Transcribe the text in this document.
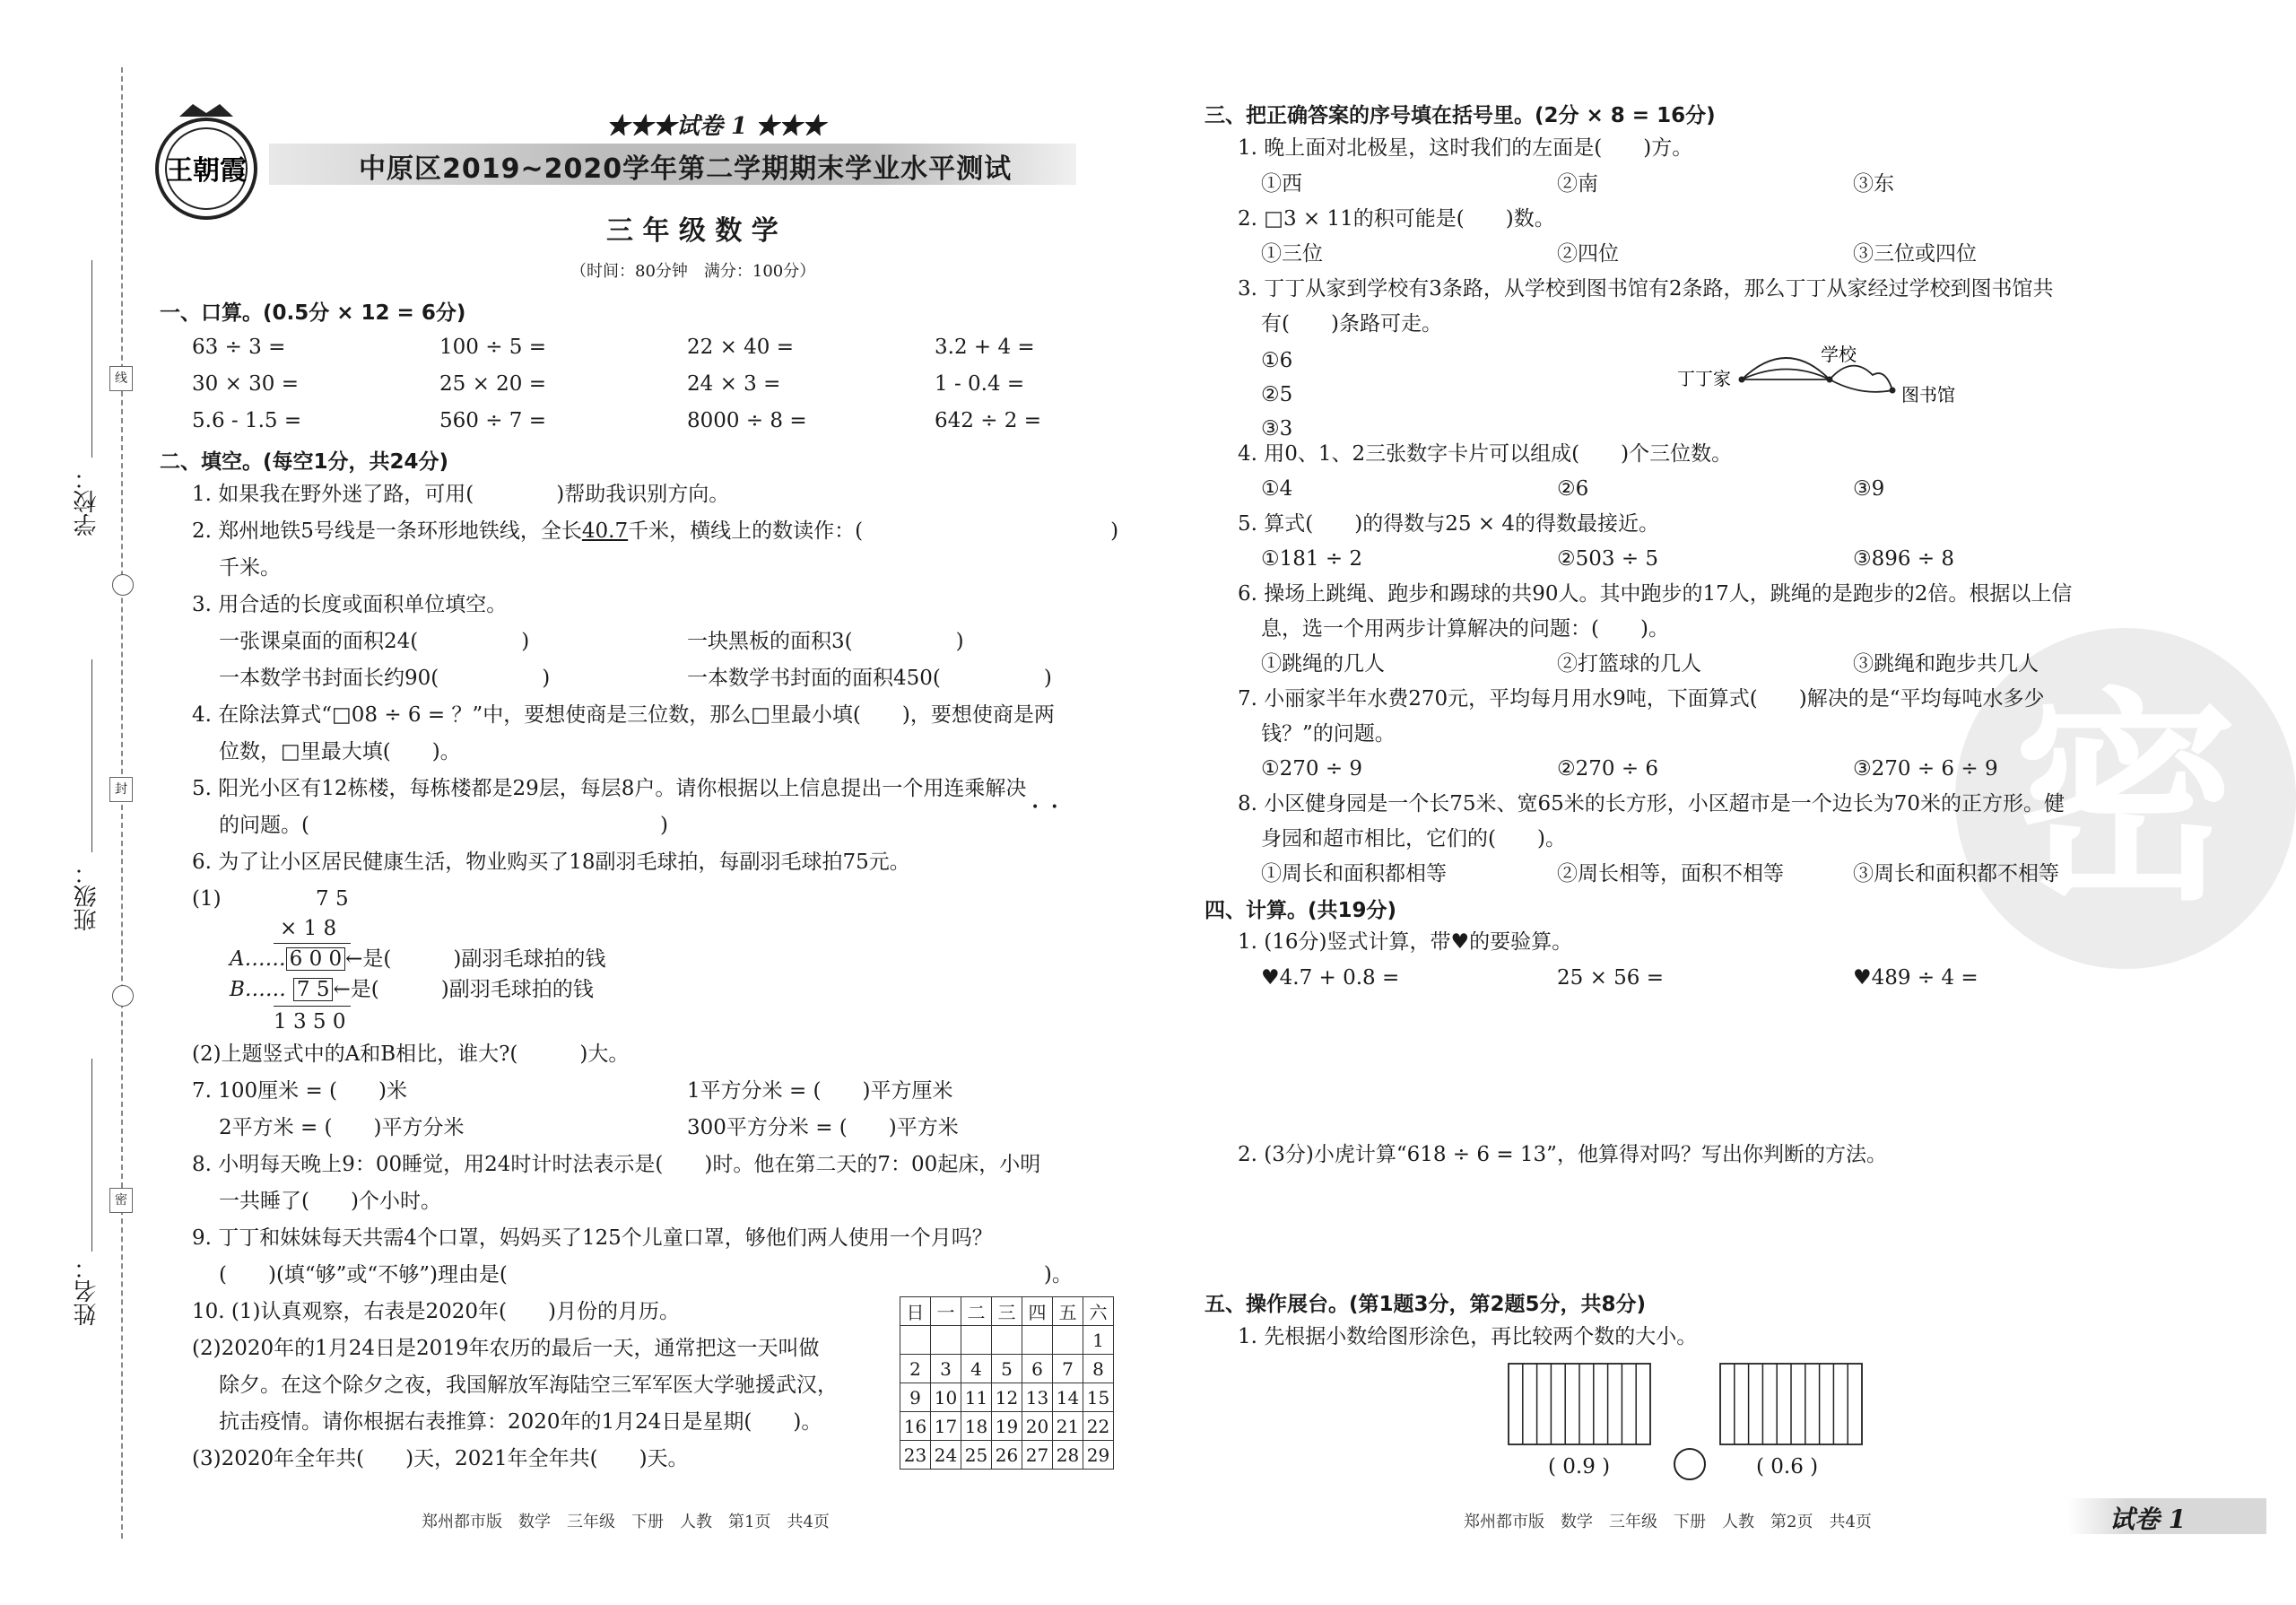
线
封
密
学校：
班级：
姓名：
王朝霞
★★★试卷 1 ★★★
中原区2019~2020学年第二学期期末学业水平测试
三 年 级 数 学
（时间：80分钟　满分：100分）
一、口算。(0.5分 × 12 = 6分)
63 ÷ 3 =	100 ÷ 5 =	22 × 40 =	3.2 + 4 =
30 × 30 =	25 × 20 =	24 × 3 =	1 - 0.4 =
5.6 - 1.5 =	560 ÷ 7 =	8000 ÷ 8 =	642 ÷ 2 =
二、填空。(每空1分，共24分)
1. 如果我在野外迷了路，可用(　　　　)帮助我识别方向。
2. 郑州地铁5号线是一条环形地铁线，全长40.7千米，横线上的数读作：(　　　　　　　　　　　　)
千米。
3. 用合适的长度或面积单位填空。
一张课桌面的面积24(　　　　　)	一块黑板的面积3(　　　　　)
一本数学书封面长约90(　　　　　)	一本数学书封面的面积450(　　　　　)
4. 在除法算式“□08 ÷ 6 = ？”中，要想使商是三位数，那么□里最小填(　　)，要想使商是两
位数，□里最大填(　　)。
5. 阳光小区有12栋楼，每栋楼都是29层，每层8户。请你根据以上信息提出一个用连乘解决
•   •
的问题。(　　　　　　　　　　　　　　　　　)
6. 为了让小区居民健康生活，物业购买了18副羽毛球拍，每副羽毛球拍75元。
(1)	7 5
× 1 8
A…… 6 0 0 ←是(　　　)副羽毛球拍的钱
B…… 7 5 ←是(　　　)副羽毛球拍的钱
1 3 5 0
(2)上题竖式中的A和B相比，谁大?(　　　)大。
7. 100厘米 = (　　)米	1平方分米 = (　　)平方厘米
2平方米 = (　　)平方分米	300平方分米 = (　　)平方米
8. 小明每天晚上9：00睡觉，用24时计时法表示是(　　)时。他在第二天的7：00起床，小明
一共睡了(　　)个小时。
9. 丁丁和妹妹每天共需4个口罩，妈妈买了125个儿童口罩，够他们两人使用一个月吗？
(　　)(填“够”或“不够”)理由是(　　　　　　　　　　　　　　　　　　　　　　　　　　)。
10. (1)认真观察，右表是2020年(　　)月份的月历。
(2)2020年的1月24日是2019年农历的最后一天，通常把这一天叫做
除夕。在这个除夕之夜，我国解放军海陆空三军军医大学驰援武汉，
抗击疫情。请你根据右表推算：2020年的1月24日是星期(　　)。
(3)2020年全年共(　　)天，2021年全年共(　　)天。
日	一	二	三	四	五	六
						1
2	3	4	5	6	7	8
9	10	11	12	13	14	15
16	17	18	19	20	21	22
23	24	25	26	27	28	29
郑州都市版　数学　三年级　下册　人教　第1页　共4页
密
三、把正确答案的序号填在括号里。(2分 × 8 = 16分)
1. 晚上面对北极星，这时我们的左面是(　　)方。
①西	②南	③东
2. □3 × 11的积可能是(　　)数。
①三位	②四位	③三位或四位
3. 丁丁从家到学校有3条路，从学校到图书馆有2条路，那么丁丁从家经过学校到图书馆共
有(　　)条路可走。
①6
②5
③3
丁丁家
学校
图书馆
4. 用0、1、2三张数字卡片可以组成(　　)个三位数。
①4	②6	③9
5. 算式(　　)的得数与25 × 4的得数最接近。
①181 ÷ 2	②503 ÷ 5	③896 ÷ 8
6. 操场上跳绳、跑步和踢球的共90人。其中跑步的17人，跳绳的是跑步的2倍。根据以上信
息，选一个用两步计算解决的问题：(　　)。
①跳绳的几人	②打篮球的几人	③跳绳和跑步共几人
7. 小丽家半年水费270元，平均每月用水9吨，下面算式(　　)解决的是“平均每吨水多少
钱？”的问题。
①270 ÷ 9	②270 ÷ 6	③270 ÷ 6 ÷ 9
8. 小区健身园是一个长75米、宽65米的长方形，小区超市是一个边长为70米的正方形。健
身园和超市相比，它们的(　　)。
①周长和面积都相等	②周长相等，面积不相等	③周长和面积都不相等
四、计算。(共19分)
1. (16分)竖式计算，带♥的要验算。
♥4.7 + 0.8 =	25 × 56 =	♥489 ÷ 4 =
2. (3分)小虎计算“618 ÷ 6 = 13”，他算得对吗？写出你判断的方法。
五、操作展台。(第1题3分，第2题5分，共8分)
1. 先根据小数给图形涂色，再比较两个数的大小。
( 0.9 )	( 0.6 )
郑州都市版　数学　三年级　下册　人教　第2页　共4页	试卷 1
